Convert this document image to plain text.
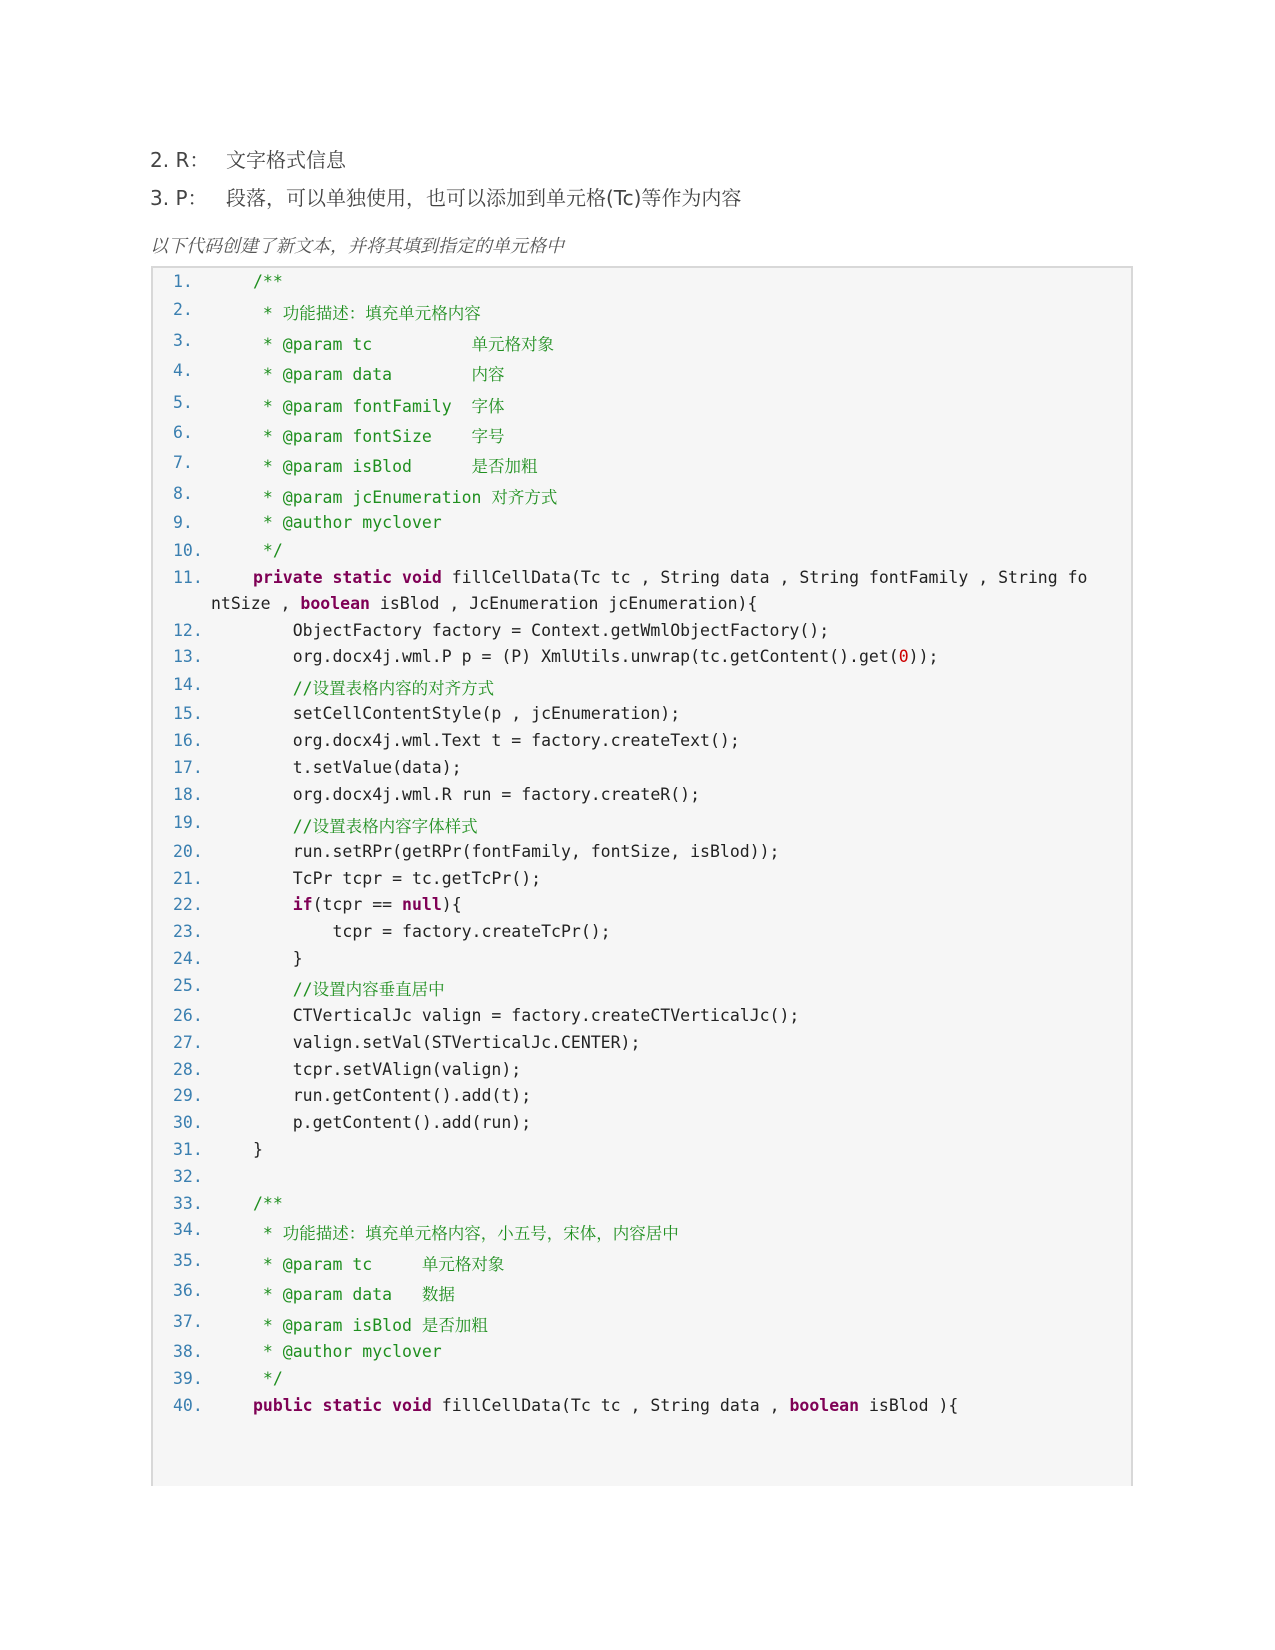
2. R： 文字格式信息
3. P： 段落，可以单独使用，也可以添加到单元格(Tc)等作为内容
以下代码创建了新文本，并将其填到指定的单元格中
1.	/**
2.	* 功能描述：填充单元格内容
3.	* @param tc          单元格对象
4.	* @param data        内容
5.	* @param fontFamily  字体
6.	* @param fontSize    字号
7.	* @param isBlod      是否加粗
8.	* @param jcEnumeration 对齐方式
9.	* @author myclover
10.	*/
11.	private static void fillCellData(Tc tc , String data , String fontFamily , String fo
ntSize , boolean isBlod , JcEnumeration jcEnumeration){
12.	ObjectFactory factory = Context.getWmlObjectFactory();
13.	org.docx4j.wml.P p = (P) XmlUtils.unwrap(tc.getContent().get(0));
14.	//设置表格内容的对齐方式
15.	setCellContentStyle(p , jcEnumeration);
16.	org.docx4j.wml.Text t = factory.createText();
17.	t.setValue(data);
18.	org.docx4j.wml.R run = factory.createR();
19.	//设置表格内容字体样式
20.	run.setRPr(getRPr(fontFamily, fontSize, isBlod));
21.	TcPr tcpr = tc.getTcPr();
22.	if(tcpr == null){
23.	tcpr = factory.createTcPr();
24.	}
25.	//设置内容垂直居中
26.	CTVerticalJc valign = factory.createCTVerticalJc();
27.	valign.setVal(STVerticalJc.CENTER);
28.	tcpr.setVAlign(valign);
29.	run.getContent().add(t);
30.	p.getContent().add(run);
31.	}
32.
33.	/**
34.	* 功能描述：填充单元格内容，小五号，宋体，内容居中
35.	* @param tc     单元格对象
36.	* @param data   数据
37.	* @param isBlod 是否加粗
38.	* @author myclover
39.	*/
40.	public static void fillCellData(Tc tc , String data , boolean isBlod ){
